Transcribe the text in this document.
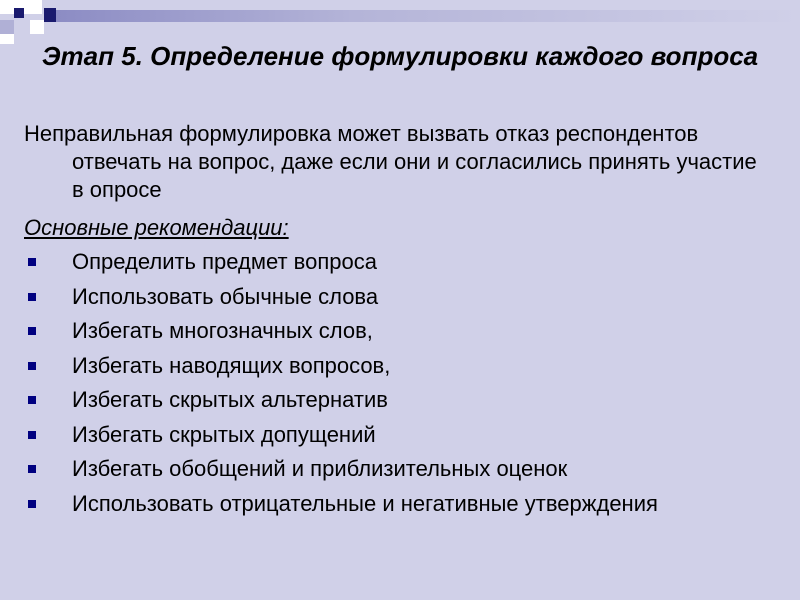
Этап 5. Определение формулировки каждого вопроса

Неправильная формулировка может вызвать отказ респондентов отвечать на вопрос, даже если они и согласились принять участие в опросе

Основные рекомендации:

Определить предмет вопроса
Использовать обычные слова
Избегать многозначных слов,
Избегать наводящих вопросов,
Избегать скрытых альтернатив
Избегать скрытых допущений
Избегать обобщений и приблизительных оценок
Использовать отрицательные и негативные утверждения
